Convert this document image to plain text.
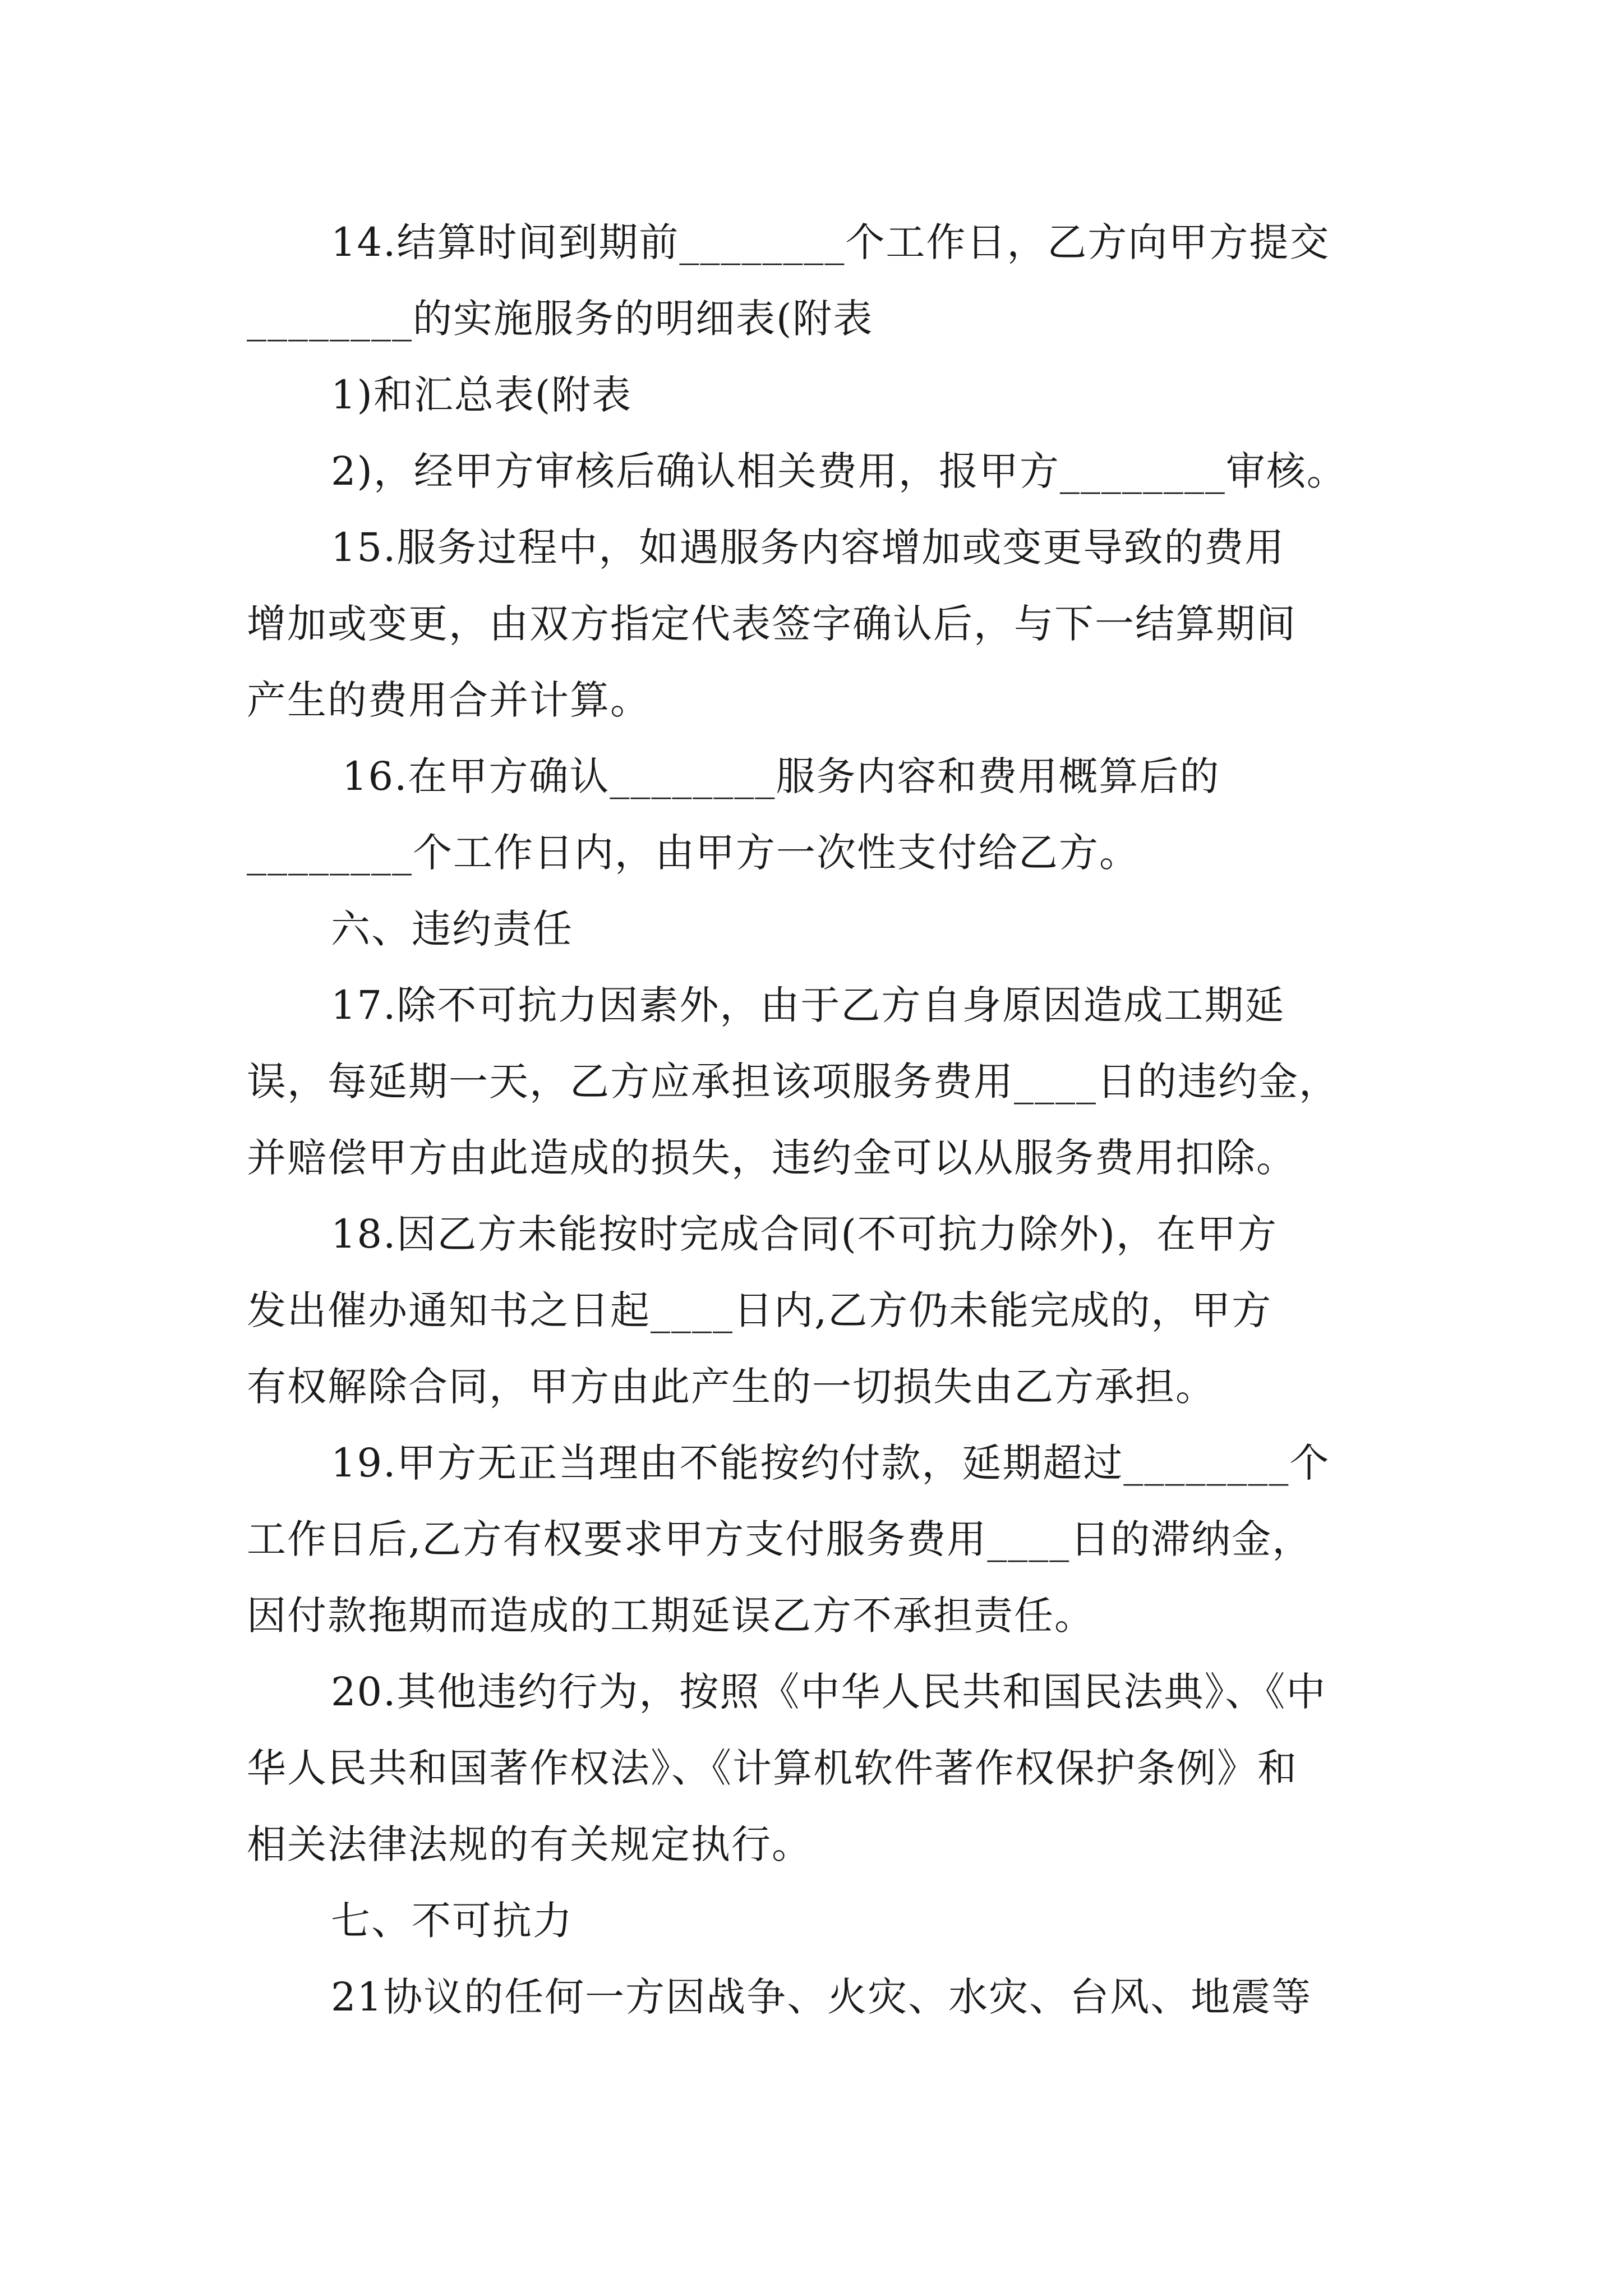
14.结算时间到期前________个工作日，乙方向甲方提交
________的实施服务的明细表(附表
1)和汇总表(附表
2)，经甲方审核后确认相关费用，报甲方________审核。
15.服务过程中，如遇服务内容增加或变更导致的费用
增加或变更，由双方指定代表签字确认后，与下一结算期间
产生的费用合并计算。
16.在甲方确认________服务内容和费用概算后的
________个工作日内，由甲方一次性支付给乙方。
六、违约责任
17.除不可抗力因素外，由于乙方自身原因造成工期延
误，每延期一天，乙方应承担该项服务费用____日的违约金，
并赔偿甲方由此造成的损失，违约金可以从服务费用扣除。
18.因乙方未能按时完成合同(不可抗力除外)，在甲方
发出催办通知书之日起____日内,乙方仍未能完成的，甲方
有权解除合同，甲方由此产生的一切损失由乙方承担。
19.甲方无正当理由不能按约付款，延期超过________个
工作日后,乙方有权要求甲方支付服务费用____日的滞纳金，
因付款拖期而造成的工期延误乙方不承担责任。
20.其他违约行为，按照《中华人民共和国民法典》、《中
华人民共和国著作权法》、《计算机软件著作权保护条例》和
相关法律法规的有关规定执行。
七、不可抗力
21协议的任何一方因战争、火灾、水灾、台风、地震等
